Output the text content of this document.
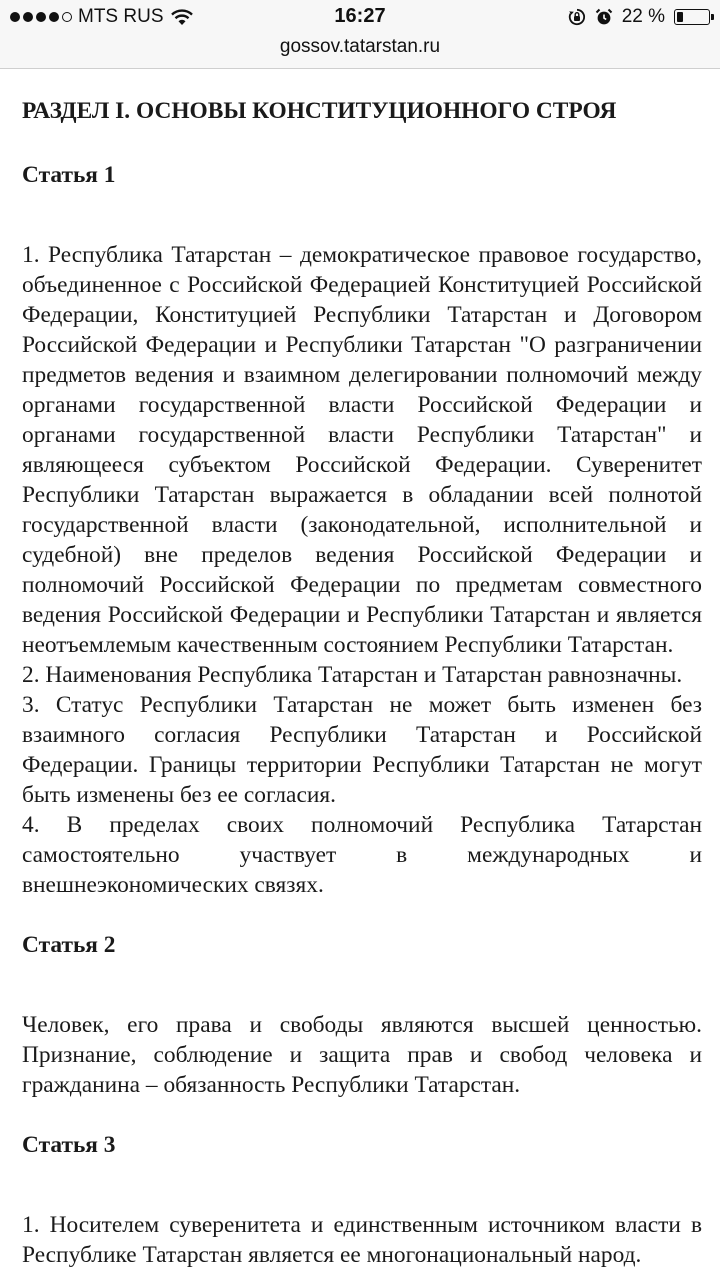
MTS RUS	16:27	22 %
gossov.tatarstan.ru
РАЗДЕЛ I. ОСНОВЫ КОНСТИТУЦИОННОГО СТРОЯ
Статья 1

1. Республика Татарстан – демократическое правовое государство, объединенное с Российской Федерацией Конституцией Российской Федерации, Конституцией Республики Татарстан и Договором Российской Федерации и Республики Татарстан "О разграничении предметов ведения и взаимном делегировании полномочий между органами государственной власти Российской Федерации и органами государственной власти Республики Татарстан" и являющееся субъектом Российской Федерации. Суверенитет Республики Татарстан выражается в обладании всей полнотой государственной власти (законодательной, исполнительной и судебной) вне пределов ведения Российской Федерации и полномочий Российской Федерации по предметам совместного ведения Российской Федерации и Республики Татарстан и является неотъемлемым качественным состоянием Республики Татарстан.

2. Наименования Республика Татарстан и Татарстан равнозначны.

3. Статус Республики Татарстан не может быть изменен без взаимного согласия Республики Татарстан и Российской Федерации. Границы территории Республики Татарстан не могут быть изменены без ее согласия.

4. В пределах своих полномочий Республика Татарстан самостоятельно участвует в международных и внешнеэкономических связях.

Статья 2

Человек, его права и свободы являются высшей ценностью. Признание, соблюдение и защита прав и свобод человека и гражданина – обязанность Республики Татарстан.

Статья 3

1. Носителем суверенитета и единственным источником власти в Республике Татарстан является ее многонациональный народ.
